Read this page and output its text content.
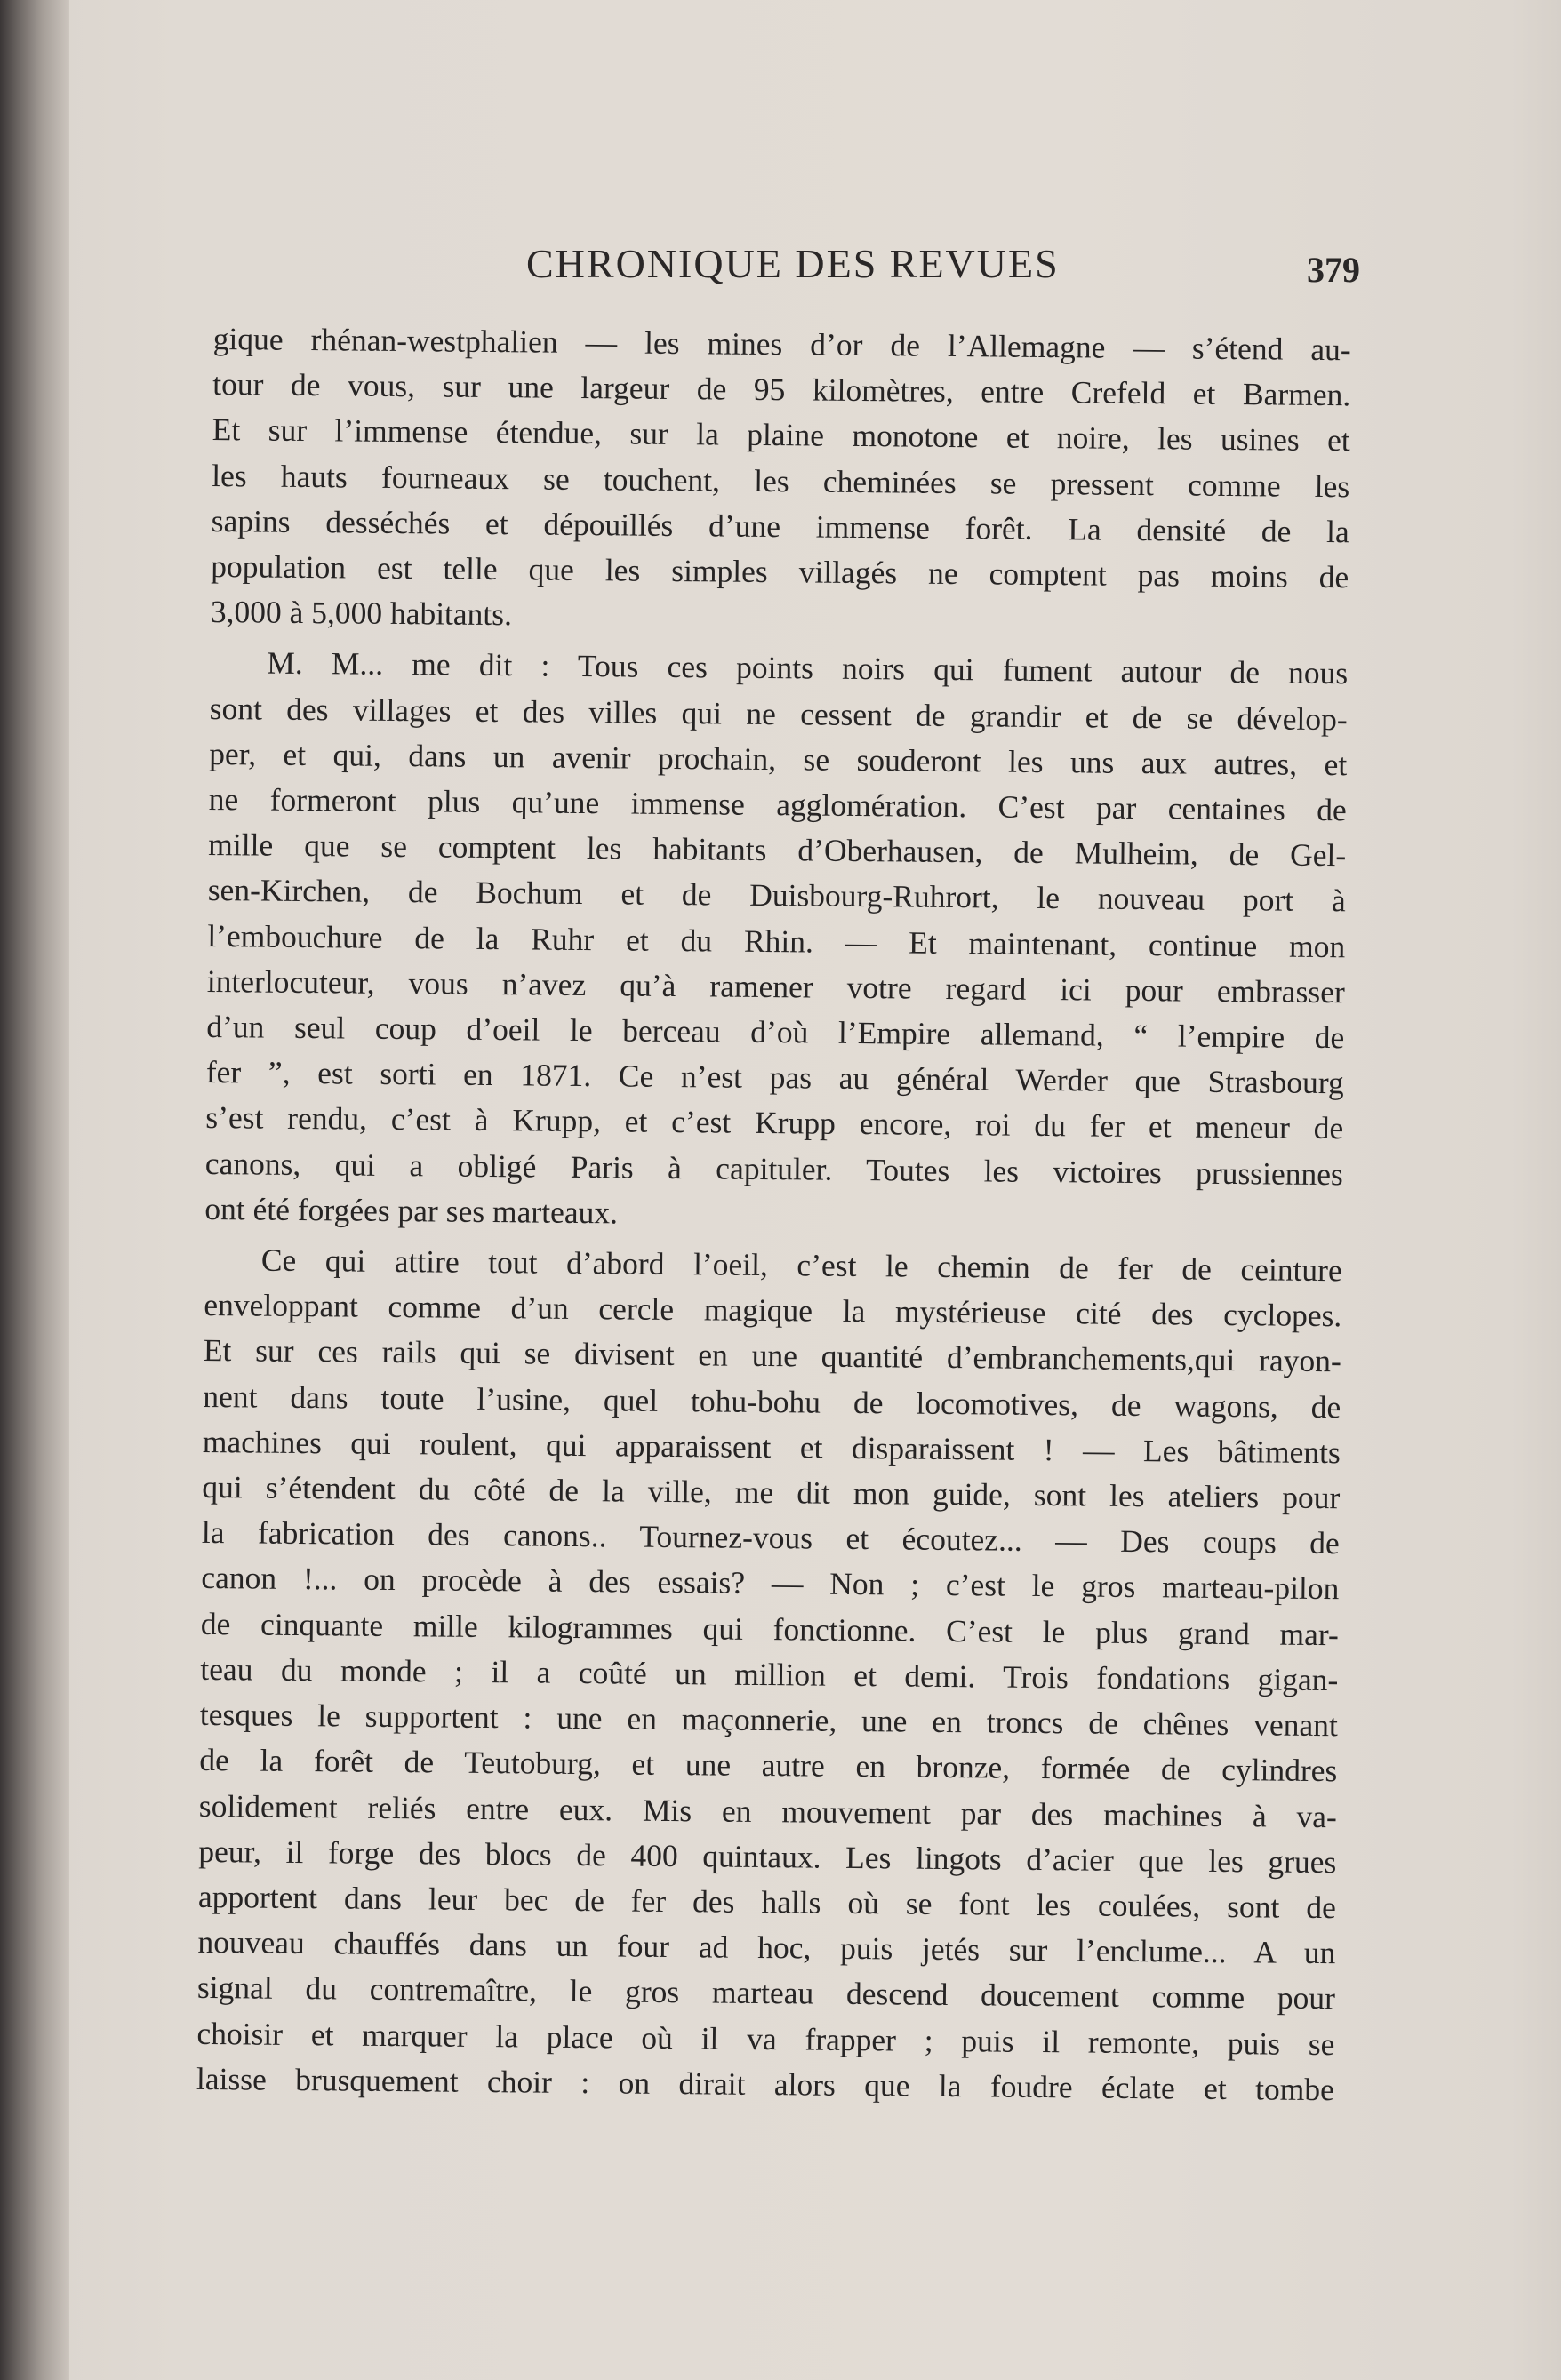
CHRONIQUE DES REVUES	379
gique rhénan-westphalien — les mines d’or de l’Allemagne — s’étend au-
tour de vous, sur une largeur de 95 kilomètres, entre Crefeld et Barmen.
Et sur l’immense étendue, sur la plaine monotone et noire, les usines et
les hauts fourneaux se touchent, les cheminées se pressent comme les
sapins desséchés et dépouillés d’une immense forêt. La densité de la
population est telle que les simples villagés ne comptent pas moins de
3,000 à 5,000 habitants.
M. M... me dit : Tous ces points noirs qui fument autour de nous
sont des villages et des villes qui ne cessent de grandir et de se dévelop-
per, et qui, dans un avenir prochain, se souderont les uns aux autres, et
ne formeront plus qu’une immense agglomération. C’est par centaines de
mille que se comptent les habitants d’Oberhausen, de Mulheim, de Gel-
sen-Kirchen, de Bochum et de Duisbourg-Ruhrort, le nouveau port à
l’embouchure de la Ruhr et du Rhin. — Et maintenant, continue mon
interlocuteur, vous n’avez qu’à ramener votre regard ici pour embrasser
d’un seul coup d’oeil le berceau d’où l’Empire allemand, “ l’empire de
fer ”, est sorti en 1871. Ce n’est pas au général Werder que Strasbourg
s’est rendu, c’est à Krupp, et c’est Krupp encore, roi du fer et meneur de
canons, qui a obligé Paris à capituler. Toutes les victoires prussiennes
ont été forgées par ses marteaux.
Ce qui attire tout d’abord l’oeil, c’est le chemin de fer de ceinture
enveloppant comme d’un cercle magique la mystérieuse cité des cyclopes.
Et sur ces rails qui se divisent en une quantité d’embranchements,qui rayon-
nent dans toute l’usine, quel tohu-bohu de locomotives, de wagons, de
machines qui roulent, qui apparaissent et disparaissent ! — Les bâtiments
qui s’étendent du côté de la ville, me dit mon guide, sont les ateliers pour
la fabrication des canons.. Tournez-vous et écoutez... — Des coups de
canon !... on procède à des essais? — Non ; c’est le gros marteau-pilon
de cinquante mille kilogrammes qui fonctionne. C’est le plus grand mar-
teau du monde ; il a coûté un million et demi. Trois fondations gigan-
tesques le supportent : une en maçonnerie, une en troncs de chênes venant
de la forêt de Teutoburg, et une autre en bronze, formée de cylindres
solidement reliés entre eux. Mis en mouvement par des machines à va-
peur, il forge des blocs de 400 quintaux. Les lingots d’acier que les grues
apportent dans leur bec de fer des halls où se font les coulées, sont de
nouveau chauffés dans un four ad hoc, puis jetés sur l’enclume... A un
signal du contremaître, le gros marteau descend doucement comme pour
choisir et marquer la place où il va frapper ; puis il remonte, puis se
laisse brusquement choir : on dirait alors que la foudre éclate et tombe
